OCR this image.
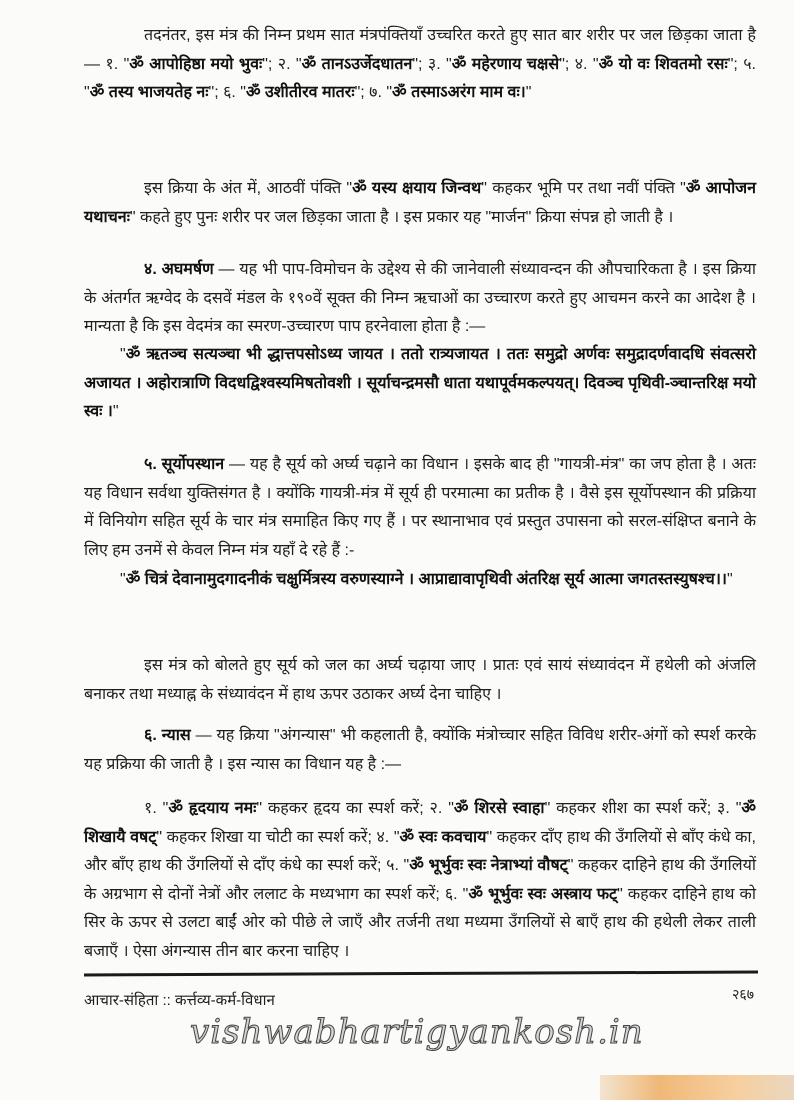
तदनंतर, इस मंत्र की निम्न प्रथम सात मंत्रपंक्तियाँ उच्चरित करते हुए सात बार शरीर पर जल छिड़का जाता है — १. "ॐ आपोहिष्ठा मयो भुवः"; २. "ॐ तानऽउर्जेदधातन"; ३. "ॐ महेरणाय चक्षसे"; ४. "ॐ यो वः शिवतमो रसः"; ५. "ॐ तस्य भाजयतेह नः"; ६. "ॐ उशीतीरव मातरः"; ७. "ॐ तस्माऽअरंग माम वः।"
इस क्रिया के अंत में, आठवीं पंक्ति "ॐ यस्य क्षयाय जिन्वथ" कहकर भूमि पर तथा नवीं पंक्ति "ॐ आपोजन यथाचनः" कहते हुए पुनः शरीर पर जल छिड़का जाता है । इस प्रकार यह "मार्जन" क्रिया संपन्न हो जाती है ।
४. अघमर्षण — यह भी पाप-विमोचन के उद्देश्य से की जानेवाली संध्यावन्दन की औपचारिकता है । इस क्रिया के अंतर्गत ऋग्वेद के दसवें मंडल के १९०वें सूक्त की निम्न ऋचाओं का उच्चारण करते हुए आचमन करने का आदेश है । मान्यता है कि इस वेदमंत्र का स्मरण-उच्चारण पाप हरनेवाला होता है :—
"ॐ ऋतञ्च सत्यञ्चा भी द्धात्तपसोऽध्य जायत । ततो रात्र्यजायत । ततः समुद्रो अर्णवः समुद्रादर्णवादधि संवत्सरो अजायत । अहोरात्राणि विदधद्विश्वस्यमिषतोवशी । सूर्याचन्द्रमसौ धाता यथापूर्वमकल्पयत्। दिवञ्च पृथिवी-ञ्चान्तरिक्ष मयो स्वः ।"
५. सूर्योपस्थान — यह है सूर्य को अर्घ्य चढ़ाने का विधान । इसके बाद ही "गायत्री-मंत्र" का जप होता है । अतः यह विधान सर्वथा युक्तिसंगत है । क्योंकि गायत्री-मंत्र में सूर्य ही परमात्मा का प्रतीक है । वैसे इस सूर्योपस्थान की प्रक्रिया में विनियोग सहित सूर्य के चार मंत्र समाहित किए गए हैं । पर स्थानाभाव एवं प्रस्तुत उपासना को सरल-संक्षिप्त बनाने के लिए हम उनमें से केवल निम्न मंत्र यहाँ दे रहे हैं :-
"ॐ चित्रं देवानामुदगादनीकं चक्षुर्मित्रस्य वरुणस्याग्ने । आप्राद्यावापृथिवी अंतरिक्ष सूर्य आत्मा जगतस्तस्युषश्च।।"
इस मंत्र को बोलते हुए सूर्य को जल का अर्घ्य चढ़ाया जाए । प्रातः एवं सायं संध्यावंदन में हथेली को अंजलि बनाकर तथा मध्याह्न के संध्यावंदन में हाथ ऊपर उठाकर अर्घ्य देना चाहिए ।
६. न्यास — यह क्रिया "अंगन्यास" भी कहलाती है, क्योंकि मंत्रोच्चार सहित विविध शरीर-अंगों को स्पर्श करके यह प्रक्रिया की जाती है । इस न्यास का विधान यह है :—
१. "ॐ हृदयाय नमः" कहकर हृदय का स्पर्श करें; २. "ॐ शिरसे स्वाहा" कहकर शीश का स्पर्श करें; ३. "ॐ शिखायै वषट्" कहकर शिखा या चोटी का स्पर्श करें; ४. "ॐ स्वः कवचाय" कहकर दाँए हाथ की उँगलियों से बाँए कंधे का, और बाँए हाथ की उँगलियों से दाँए कंधे का स्पर्श करें; ५. "ॐ भूर्भुवः स्वः नेत्राभ्यां वौषट्" कहकर दाहिने हाथ की उँगलियों के अग्रभाग से दोनों नेत्रों और ललाट के मध्यभाग का स्पर्श करें; ६. "ॐ भूर्भुवः स्वः अस्त्राय फट्" कहकर दाहिने हाथ को सिर के ऊपर से उलटा बाईं ओर को पीछे ले जाएँ और तर्जनी तथा मध्यमा उँगलियों से बाएँ हाथ की हथेली लेकर ताली बजाएँ । ऐसा अंगन्यास तीन बार करना चाहिए ।
आचार-संहिता :: कर्त्तव्य-कर्म-विधान	२६७
vishwabhartigyankosh.in
